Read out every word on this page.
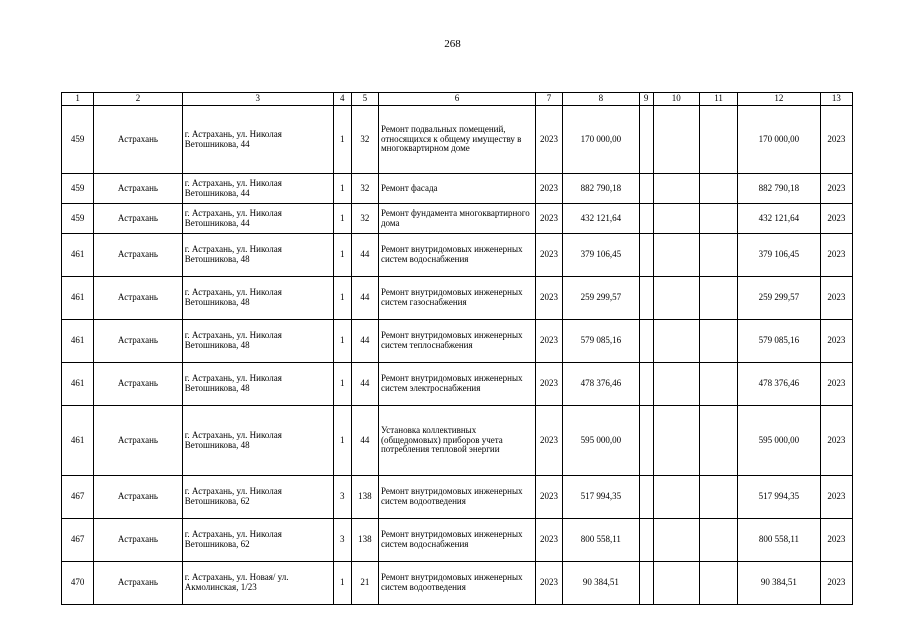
268
1	2	3	4	5	6	7	8	9	10	11	12	13
459	Астрахань	г. Астрахань, ул. Николая Ветошникова, 44	1	32	Ремонт подвальных помещений, относящихся к общему имуществу в многоквартирном доме	2023	170 000,00				170 000,00	2023
459	Астрахань	г. Астрахань, ул. Николая Ветошникова, 44	1	32	Ремонт фасада	2023	882 790,18				882 790,18	2023
459	Астрахань	г. Астрахань, ул. Николая Ветошникова, 44	1	32	Ремонт фундамента многоквартирного дома	2023	432 121,64				432 121,64	2023
461	Астрахань	г. Астрахань, ул. Николая Ветошникова, 48	1	44	Ремонт внутридомовых инженерных систем водоснабжения	2023	379 106,45				379 106,45	2023
461	Астрахань	г. Астрахань, ул. Николая Ветошникова, 48	1	44	Ремонт внутридомовых инженерных систем газоснабжения	2023	259 299,57				259 299,57	2023
461	Астрахань	г. Астрахань, ул. Николая Ветошникова, 48	1	44	Ремонт внутридомовых инженерных систем теплоснабжения	2023	579 085,16				579 085,16	2023
461	Астрахань	г. Астрахань, ул. Николая Ветошникова, 48	1	44	Ремонт внутридомовых инженерных систем электроснабжения	2023	478 376,46				478 376,46	2023
461	Астрахань	г. Астрахань, ул. Николая Ветошникова, 48	1	44	Установка коллективных (общедомовых) приборов учета потребления тепловой энергии	2023	595 000,00				595 000,00	2023
467	Астрахань	г. Астрахань, ул. Николая Ветошникова, 62	3	138	Ремонт внутридомовых инженерных систем водоотведения	2023	517 994,35				517 994,35	2023
467	Астрахань	г. Астрахань, ул. Николая Ветошникова, 62	3	138	Ремонт внутридомовых инженерных систем водоснабжения	2023	800 558,11				800 558,11	2023
470	Астрахань	г. Астрахань, ул. Новая/ ул. Акмолинская, 1/23	1	21	Ремонт внутридомовых инженерных систем водоотведения	2023	90 384,51				90 384,51	2023
